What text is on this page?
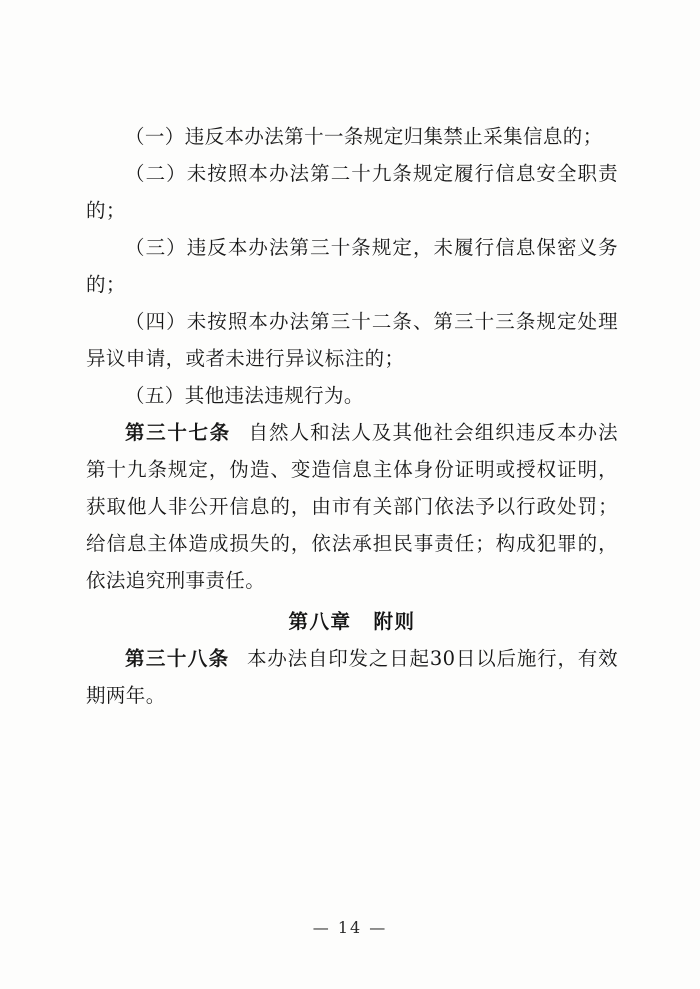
（一）违反本办法第十一条规定归集禁止采集信息的；

（二）未按照本办法第二十九条规定履行信息安全职责的；

（三）违反本办法第三十条规定，未履行信息保密义务的；

（四）未按照本办法第三十二条、第三十三条规定处理异议申请，或者未进行异议标注的；

（五）其他违法违规行为。

第三十七条 自然人和法人及其他社会组织违反本办法第十九条规定，伪造、变造信息主体身份证明或授权证明，获取他人非公开信息的，由市有关部门依法予以行政处罚；给信息主体造成损失的，依法承担民事责任；构成犯罪的，依法追究刑事责任。

第八章 附则

第三十八条 本办法自印发之日起30日以后施行，有效期两年。

— 14 —
